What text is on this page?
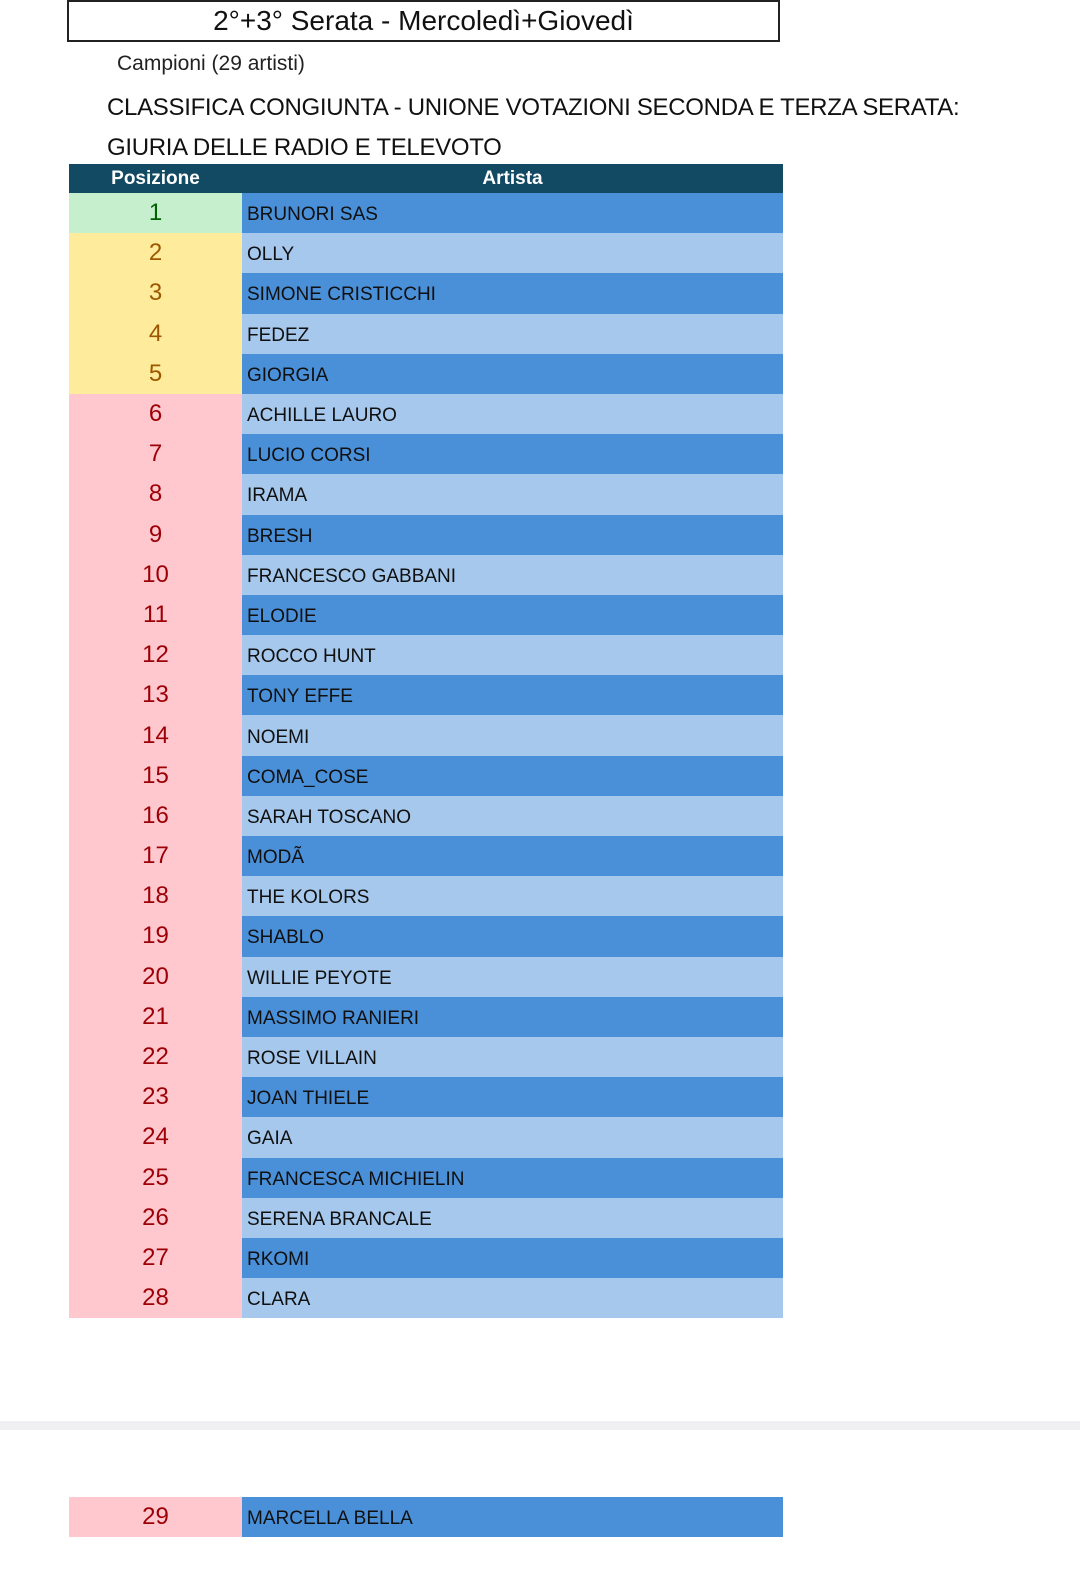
2°+3° Serata - Mercoledì+Giovedì
Campioni (29 artisti)
CLASSIFICA CONGIUNTA - UNIONE VOTAZIONI SECONDA E TERZA SERATA:
GIURIA DELLE RADIO E TELEVOTO
Posizione	Artista
1	BRUNORI SAS
2	OLLY
3	SIMONE CRISTICCHI
4	FEDEZ
5	GIORGIA
6	ACHILLE LAURO
7	LUCIO CORSI
8	IRAMA
9	BRESH
10	FRANCESCO GABBANI
11	ELODIE
12	ROCCO HUNT
13	TONY EFFE
14	NOEMI
15	COMA_COSE
16	SARAH TOSCANO
17	MODÃ
18	THE KOLORS
19	SHABLO
20	WILLIE PEYOTE
21	MASSIMO RANIERI
22	ROSE VILLAIN
23	JOAN THIELE
24	GAIA
25	FRANCESCA MICHIELIN
26	SERENA BRANCALE
27	RKOMI
28	CLARA
29	MARCELLA BELLA
